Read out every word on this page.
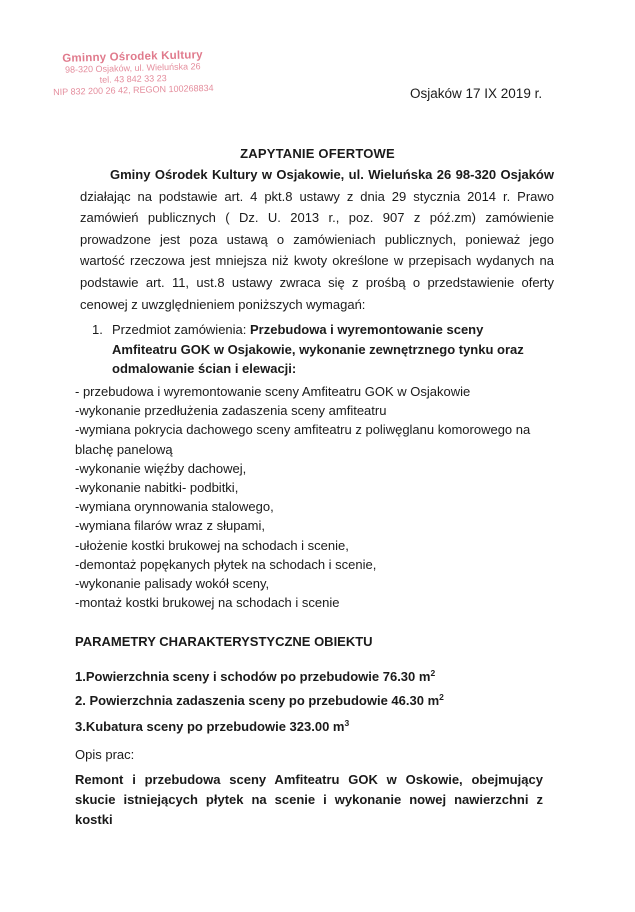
Gminny Ośrodek Kultury
98-320 Osjaków, ul. Wieluńska 26
tel. 43 842 33 23
NIP 832 200 26 42, REGON 100268834	Osjaków 17 IX 2019 r.
ZAPYTANIE OFERTOWE

Gminy Ośrodek Kultury w Osjakowie, ul. Wieluńska 26 98-320 Osjaków działając na podstawie art. 4 pkt.8 ustawy z dnia 29 stycznia 2014 r. Prawo zamówień publicznych ( Dz. U. 2013 r., poz. 907 z póź.zm) zamówienie prowadzone jest poza ustawą o zamówieniach publicznych, ponieważ jego wartość rzeczowa jest mniejsza niż kwoty określone w przepisach wydanych na podstawie art. 11, ust.8 ustawy zwraca się z prośbą o przedstawienie oferty cenowej z uwzględnieniem poniższych wymagań:

1. Przedmiot zamówienia: Przebudowa i wyremontowanie sceny Amfiteatru GOK w Osjakowie, wykonanie zewnętrznego tynku oraz odmalowanie ścian i elewacji:
- przebudowa i wyremontowanie sceny Amfiteatru GOK w Osjakowie
-wykonanie przedłużenia zadaszenia sceny amfiteatru
-wymiana pokrycia dachowego sceny amfiteatru z poliwęglanu komorowego na blachę panelową
-wykonanie więźby dachowej,
-wykonanie nabitki- podbitki,
-wymiana orynnowania stalowego,
-wymiana filarów wraz z słupami,
-ułożenie kostki brukowej na schodach i scenie,
-demontaż popękanych płytek na schodach i scenie,
-wykonanie palisady wokół sceny,
-montaż kostki brukowej na schodach i scenie
PARAMETRY CHARAKTERYSTYCZNE OBIEKTU
1.Powierzchnia sceny i schodów po przebudowie 76.30 $m^2$
2. Powierzchnia zadaszenia sceny po przebudowie 46.30 $m^2$
3.Kubatura sceny po przebudowie 323.00 $m^3$
Opis prac:

Remont i przebudowa sceny Amfiteatru GOK w Oskowie, obejmujący skucie istniejących płytek na scenie i wykonanie nowej nawierzchni z kostki
